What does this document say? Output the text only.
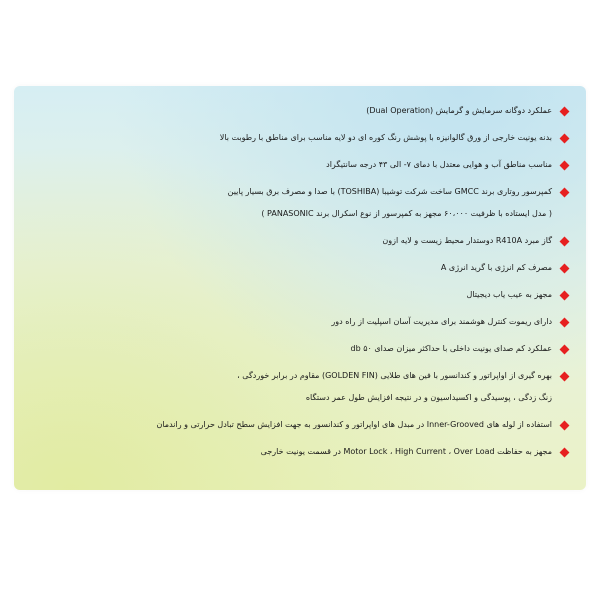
عملکرد دوگانه سرمایش و گرمایش (Dual Operation)
بدنه یونیت خارجی از ورق گالوانیزه با پوشش رنگ کوره ای دو لایه مناسب برای مناطق با رطوبت بالا
مناسب مناطق آب و هوایی معتدل با دمای ۷- الی ۴۳ درجه سانتیگراد
کمپرسور روتاری برند GMCC ساخت شرکت توشیبا (TOSHIBA) با صدا و مصرف برق بسیار پایین
( مدل ایستاده با ظرفیت ۶۰،۰۰۰ مجهز به کمپرسور از نوع اسکرال برند PANASONIC )
گاز مبرد R410A دوستدار محیط زیست و لایه ازون
مصرف کم انرژی با گرید انرژی A
مجهز به عیب یاب دیجیتال
دارای ریموت کنترل هوشمند برای مدیریت آسان اسپلیت از راه دور
عملکرد کم صدای یونیت داخلی با حداکثر میزان صدای ۵۰ db
بهره گیری از اواپراتور و کندانسور با فین های طلایی (GOLDEN FIN) مقاوم در برابر خوردگی ،
زنگ زدگی ، پوسیدگی و اکسیداسیون و در نتیجه افزایش طول عمر دستگاه
استفاده از لوله های Inner-Grooved در مبدل های اواپراتور و کندانسور به جهت افزایش سطح تبادل حرارتی و راندمان
مجهز به حفاظت Motor Lock ، High Current ، Over Load در قسمت یونیت خارجی
